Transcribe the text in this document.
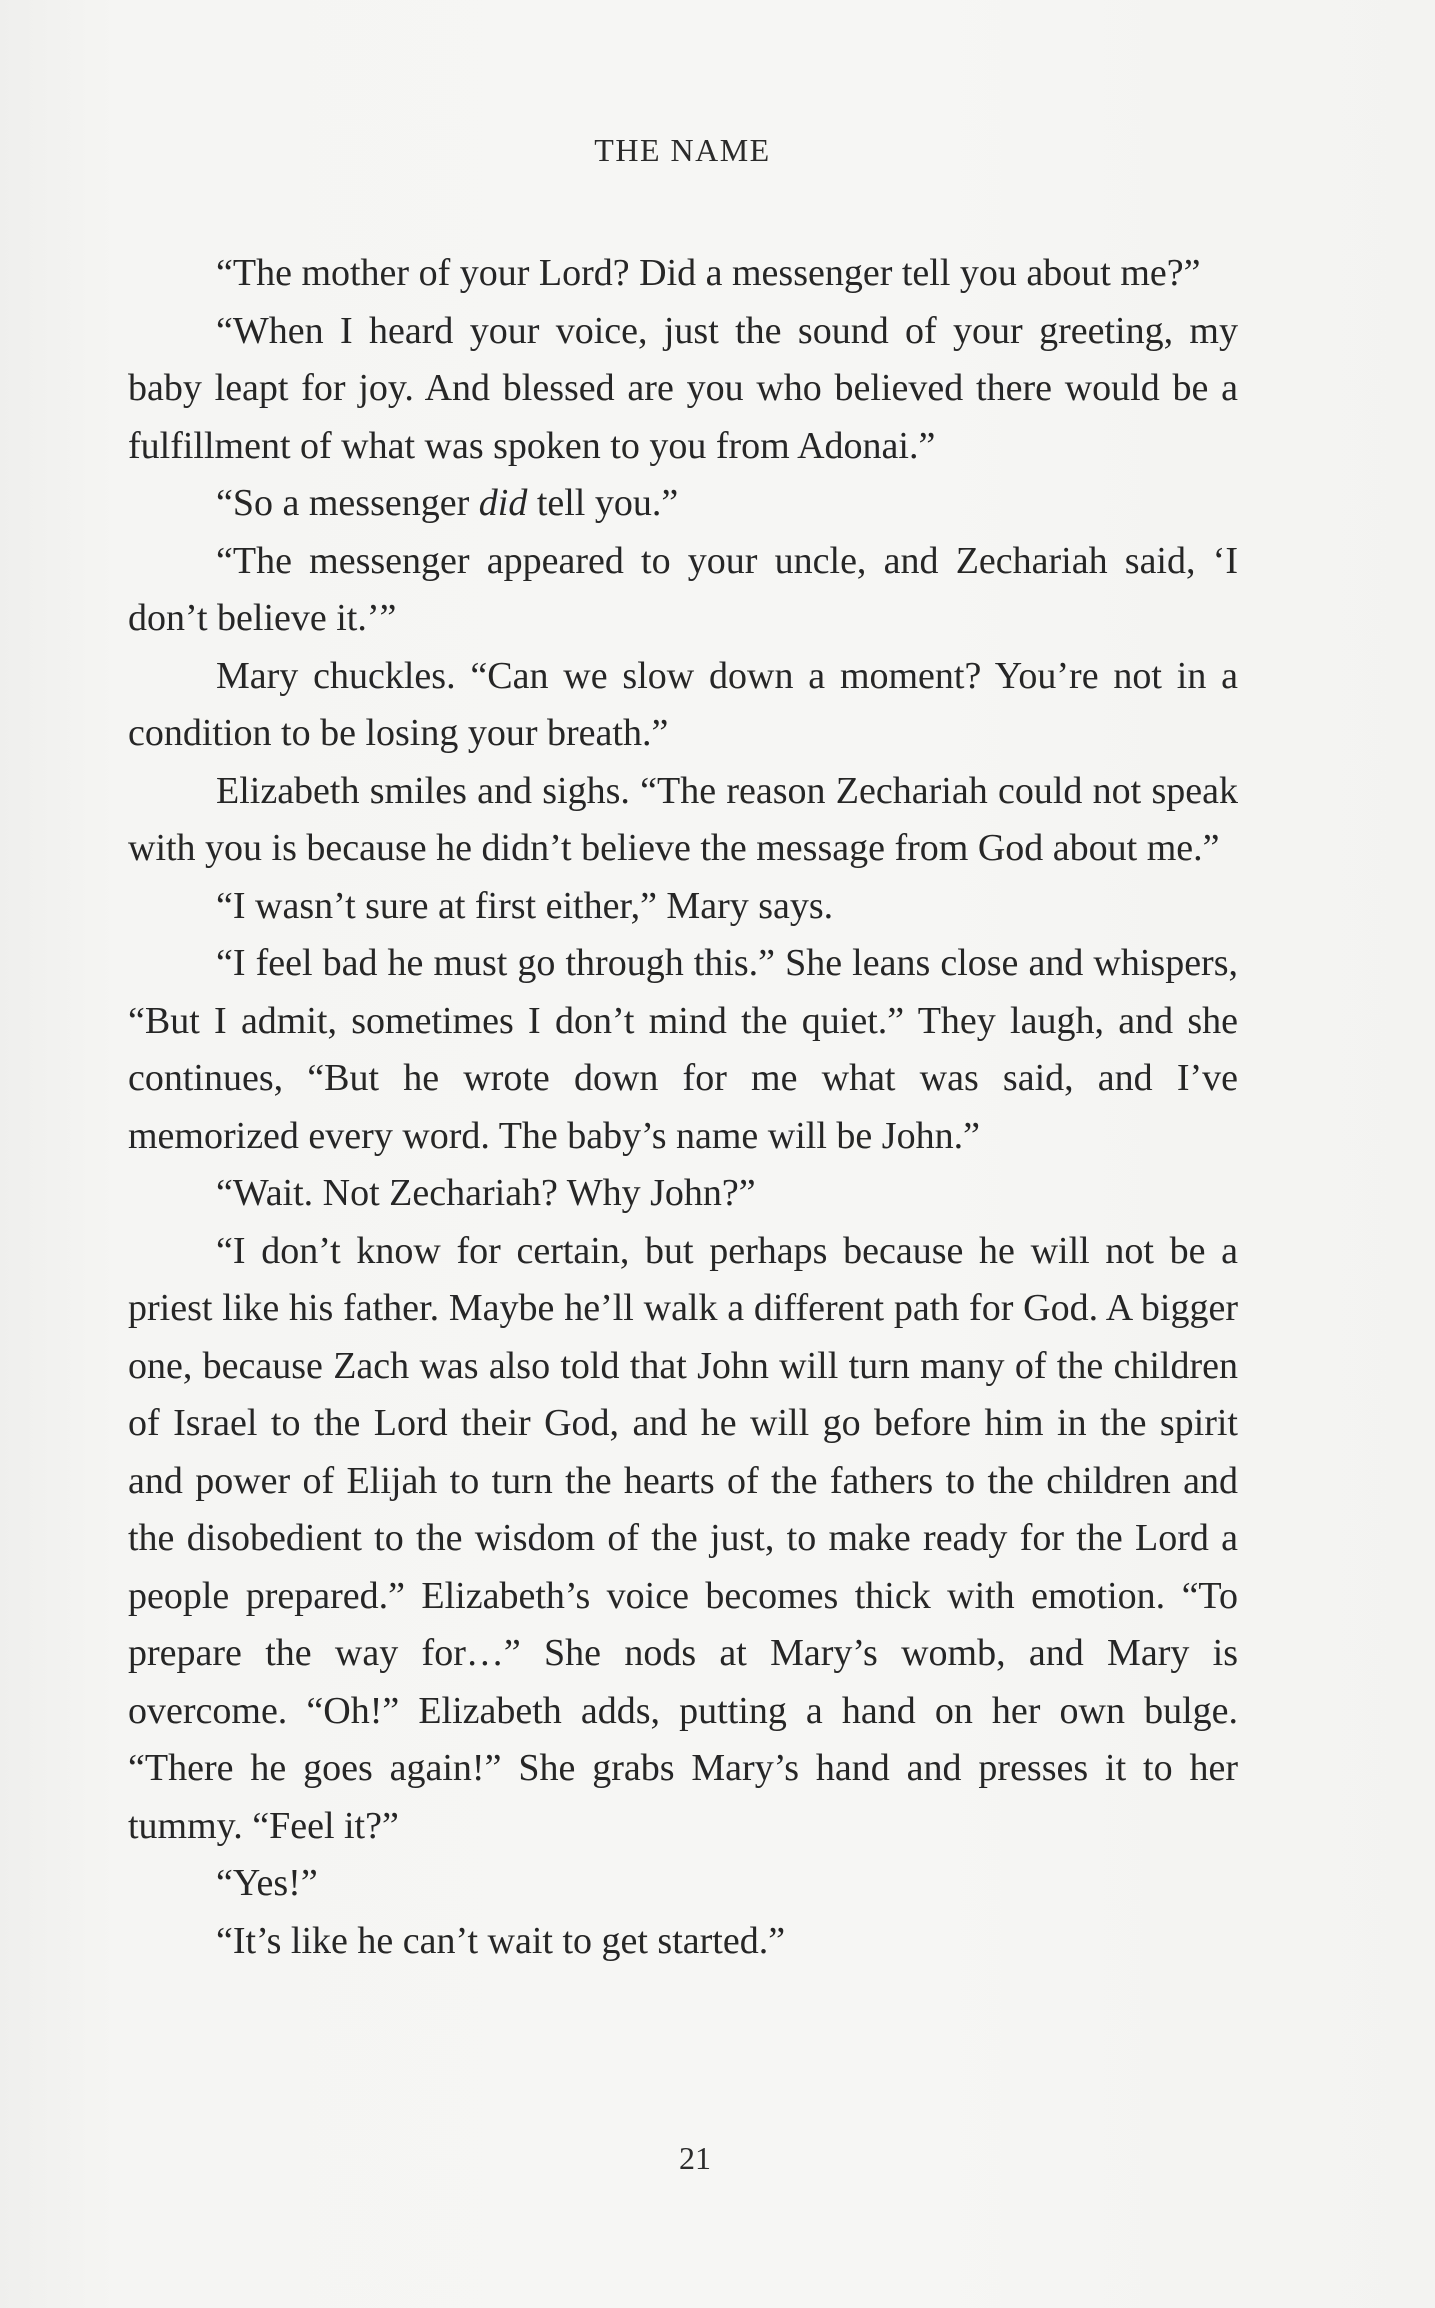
THE NAME

“The mother of your Lord? Did a messenger tell you about me?”

“When I heard your voice, just the sound of your greeting, my baby leapt for joy. And blessed are you who believed there would be a fulfillment of what was spoken to you from Adonai.”

“So a messenger did tell you.”

“The messenger appeared to your uncle, and Zechariah said, ‘I don’t believe it.’”

Mary chuckles. “Can we slow down a moment? You’re not in a condition to be losing your breath.”

Elizabeth smiles and sighs. “The reason Zechariah could not speak with you is because he didn’t believe the message from God about me.”

“I wasn’t sure at first either,” Mary says.

“I feel bad he must go through this.” She leans close and whispers, “But I admit, sometimes I don’t mind the quiet.” They laugh, and she continues, “But he wrote down for me what was said, and I’ve memorized every word. The baby’s name will be John.”

“Wait. Not Zechariah? Why John?”

“I don’t know for certain, but perhaps because he will not be a priest like his father. Maybe he’ll walk a different path for God. A bigger one, because Zach was also told that John will turn many of the children of Israel to the Lord their God, and he will go before him in the spirit and power of Elijah to turn the hearts of the fathers to the children and the disobedient to the wisdom of the just, to make ready for the Lord a people prepared.” Elizabeth’s voice becomes thick with emotion. “To prepare the way for…” She nods at Mary’s womb, and Mary is overcome. “Oh!” Elizabeth adds, putting a hand on her own bulge. “There he goes again!” She grabs Mary’s hand and presses it to her tummy. “Feel it?”

“Yes!”

“It’s like he can’t wait to get started.”

21
